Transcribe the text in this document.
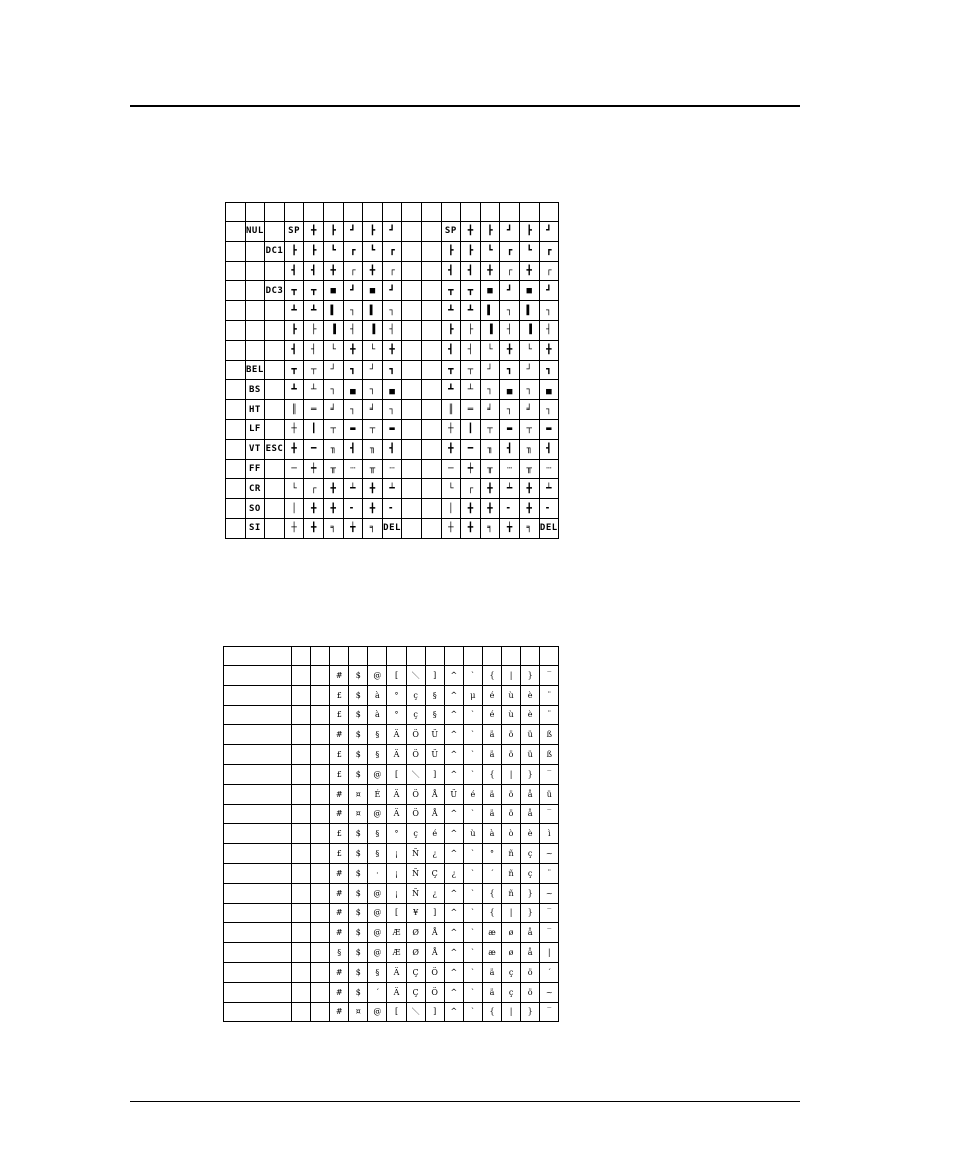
	NUL		SP	╋	┣	┛	┣	┛			SP	╋	┣	┛	┣	┛
		DC1	┣	┣	┗	┏	┗	┏			┣	┣	┗	┏	┗	┏
			┫	┫	╋	┌	╋	┌			┫	┫	╋	┌	╋	┌
		DC3	┳	┳	■	┛	■	┛			┳	┳	■	┛	■	┛
			┻	┻	▌	┐	▌	┐			┻	┻	▌	┐	▌	┐
			┣	├	▐	┤	▐	┤			┣	├	▐	┤	▐	┤
			┫	┤	└	╋	└	╋			┫	┤	└	╋	└	╋
	BEL		┳	┬	┘	┓	┘	┓			┳	┬	┘	┓	┘	┓
	BS		┻	┴	┐	▄	┐	▄			┻	┴	┐	▄	┐	▄
	HT		║	═	╛	┐	╛	┐			║	═	╛	┐	╛	┐
	LF		┼	┃	┬	▬	┬	▬			┼	┃	┬	▬	┬	▬
	VT	ESC	╋	━	╖	┫	╖	┫			╋	━	╖	┫	╖	┫
	FF		─	┿	╥	┄	╥	┄			─	┿	╥	┄	╥	┄
	CR		└	┌	╋	┷	╋	┷			└	┌	╋	┷	╋	┷
	SO		│	╋	╋	╸	╋	╸			│	╋	╋	╸	╋	╸
	SI		┼	╋	╕	╈	╕	DEL			┼	╋	╕	╈	╕	DEL

			#	$	@	[	＼	]	^	`	{	|	}	‾
			£	$	à	°	ç	§	^	μ	é	ù	è	¨
			£	$	à	°	ç	§	^	`	é	ù	è	¨
			#	$	§	Ä	Ö	Ü	^	`	ä	ö	ü	ß
			£	$	§	Ä	Ö	Ü	^	`	ä	ö	ü	ß
			£	$	@	[	＼	]	^	`	{	|	}	‾
			#	¤	É	Ä	Ö	Å	Ü	é	ä	ö	å	ü
			#	¤	@	Ä	Ö	Å	^	`	ä	ö	å	‾
			£	$	§	°	ç	é	^	ù	à	ò	è	ì
			£	$	§	¡	Ñ	¿	^	`	°	ñ	ç	~
			#	$	·	¡	Ñ	Ç	¿	`	´	ñ	ç	¨
			#	$	@	¡	Ñ	¿	^	`	{	ñ	}	~
			#	$	@	[	¥	]	^	`	{	|	}	‾
			#	$	@	Æ	Ø	Å	^	`	æ	ø	å	‾
			§	$	@	Æ	Ø	Å	^	`	æ	ø	å	|
			#	$	§	Ä	Ç	Ö	^	`	ä	ç	ö	´
			#	$	´	Ä	Ç	Ö	^	`	ä	ç	ö	~
			#	¤	@	[	＼	]	^	`	{	|	}	‾
